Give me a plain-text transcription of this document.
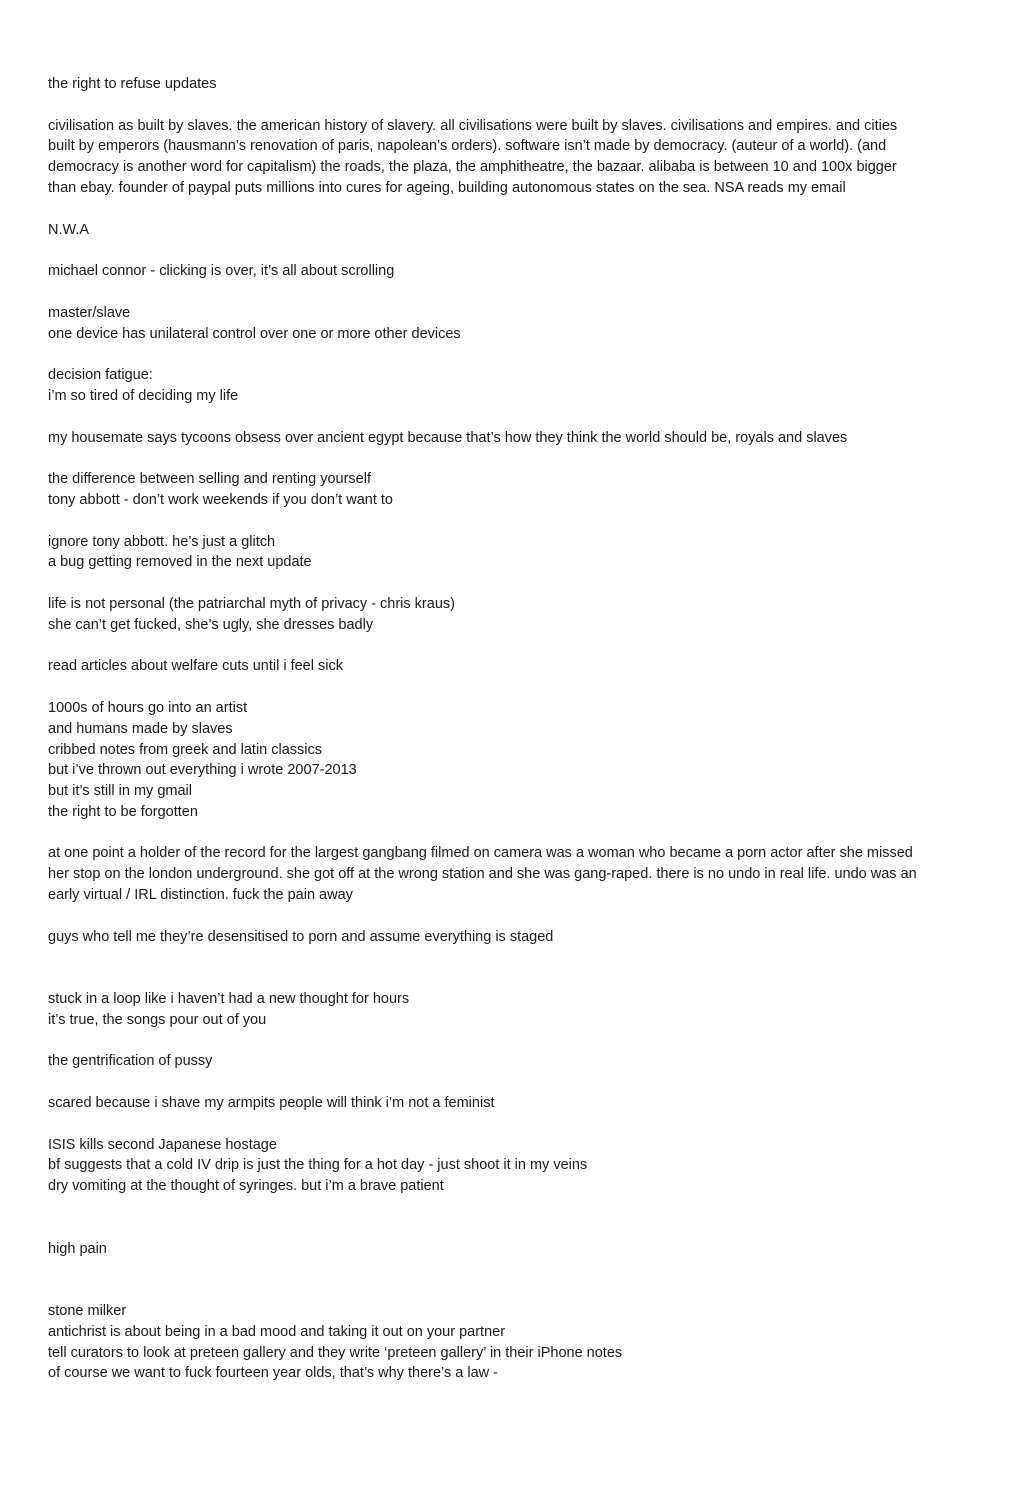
the right to refuse updates
civilisation as built by slaves. the american history of slavery. all civilisations were built by slaves. civilisations and empires. and cities
built by emperors (hausmann’s renovation of paris, napolean’s orders). software isn’t made by democracy. (auteur of a world). (and
democracy is another word for capitalism) the roads, the plaza, the amphitheatre, the bazaar. alibaba is between 10 and 100x bigger
than ebay. founder of paypal puts millions into cures for ageing, building autonomous states on the sea. NSA reads my email
N.W.A
michael connor - clicking is over, it’s all about scrolling
master/slave
one device has unilateral control over one or more other devices
decision fatigue:
i’m so tired of deciding my life
my housemate says tycoons obsess over ancient egypt because that’s how they think the world should be, royals and slaves
the difference between selling and renting yourself
tony abbott - don’t work weekends if you don’t want to
ignore tony abbott. he’s just a glitch
a bug getting removed in the next update
life is not personal (the patriarchal myth of privacy - chris kraus)
she can’t get fucked, she’s ugly, she dresses badly
read articles about welfare cuts until i feel sick
1000s of hours go into an artist
and humans made by slaves
cribbed notes from greek and latin classics
but i’ve thrown out everything i wrote 2007-2013
but it’s still in my gmail
the right to be forgotten
at one point a holder of the record for the largest gangbang filmed on camera was a woman who became a porn actor after she missed
her stop on the london underground. she got off at the wrong station and she was gang-raped. there is no undo in real life. undo was an
early virtual / IRL distinction. fuck the pain away
guys who tell me they’re desensitised to porn and assume everything is staged
stuck in a loop like i haven’t had a new thought for hours
it’s true, the songs pour out of you
the gentrification of pussy
scared because i shave my armpits people will think i’m not a feminist
ISIS kills second Japanese hostage
bf suggests that a cold IV drip is just the thing for a hot day - just shoot it in my veins
dry vomiting at the thought of syringes. but i’m a brave patient
high pain
stone milker
antichrist is about being in a bad mood and taking it out on your partner
tell curators to look at preteen gallery and they write ‘preteen gallery’ in their iPhone notes
of course we want to fuck fourteen year olds, that’s why there’s a law -
